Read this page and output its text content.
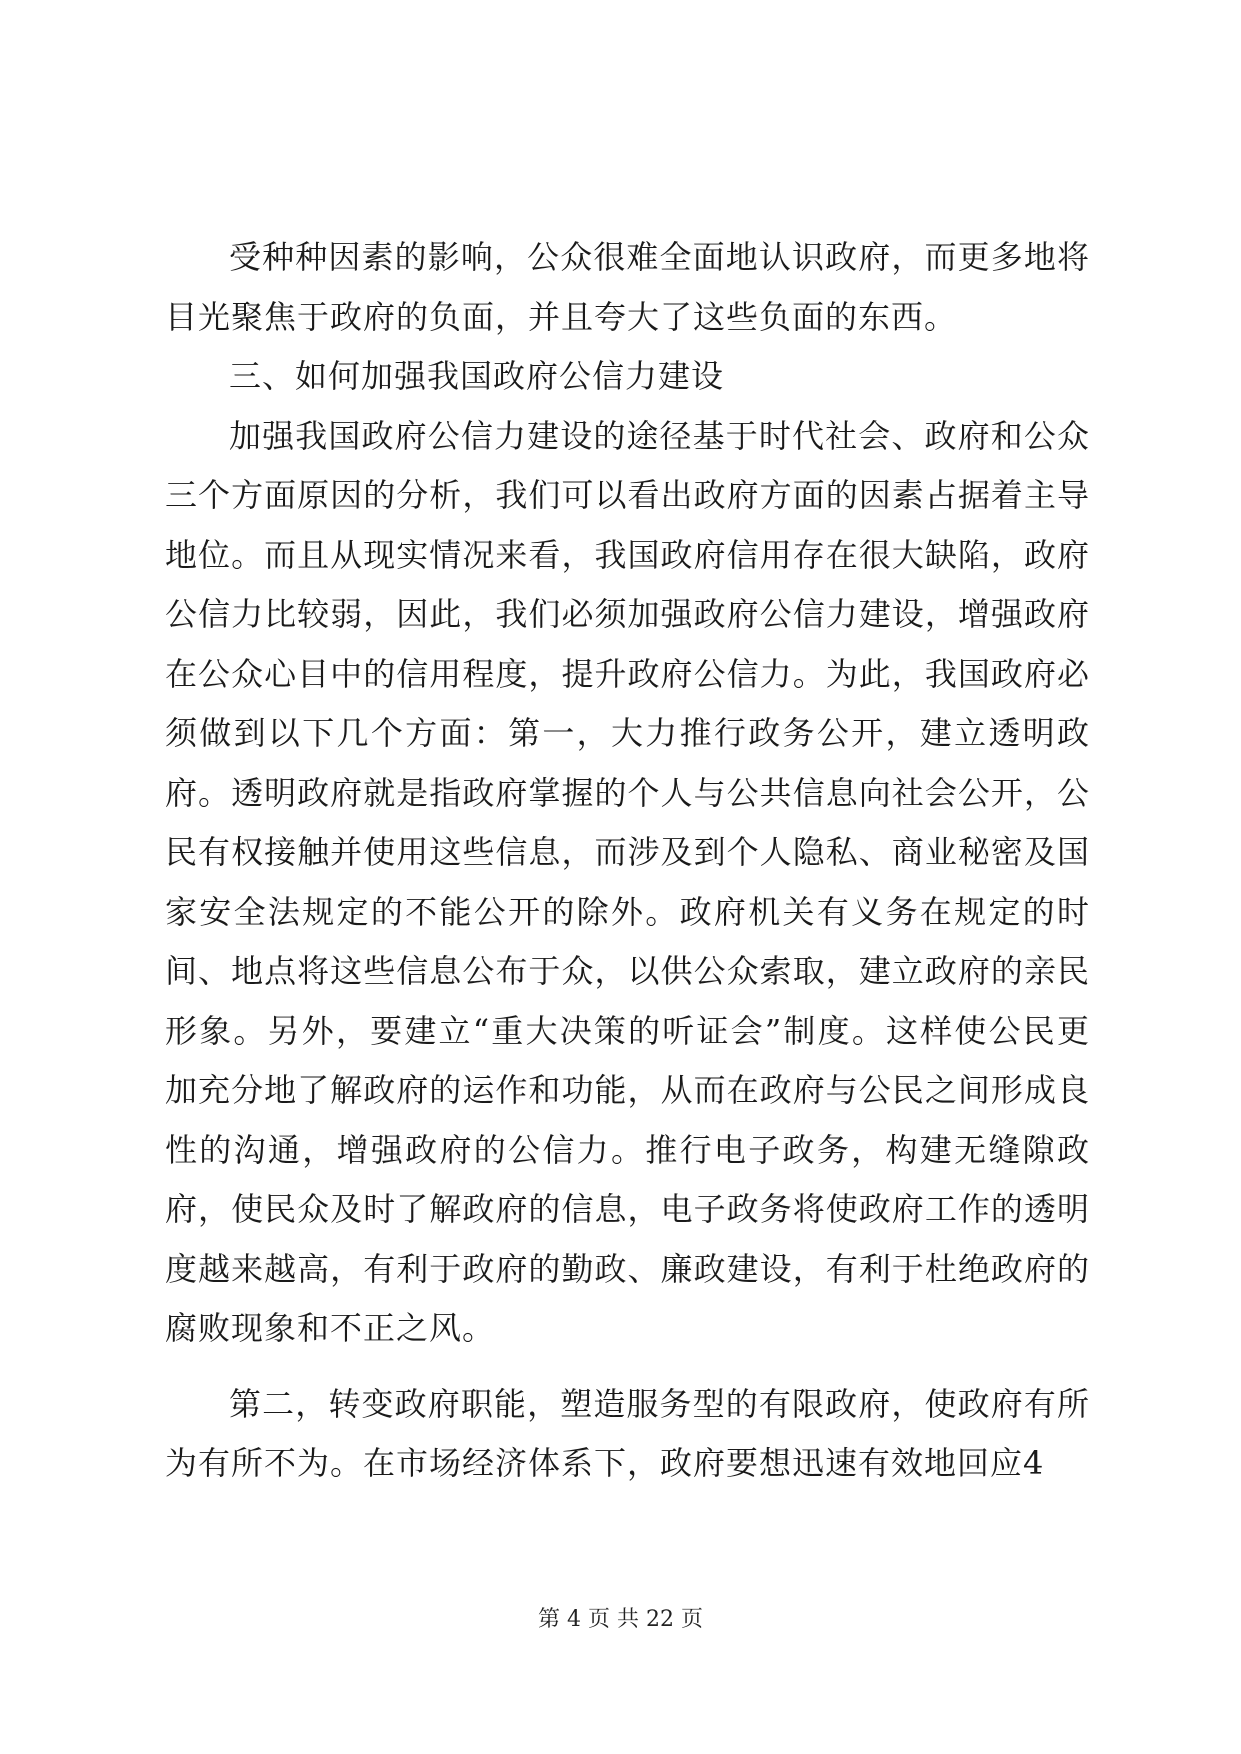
受种种因素的影响，公众很难全面地认识政府，而更多地将目光聚焦于政府的负面，并且夸大了这些负面的东西。

三、如何加强我国政府公信力建设

加强我国政府公信力建设的途径基于时代社会、政府和公众三个方面原因的分析，我们可以看出政府方面的因素占据着主导地位。而且从现实情况来看，我国政府信用存在很大缺陷，政府公信力比较弱，因此，我们必须加强政府公信力建设，增强政府在公众心目中的信用程度，提升政府公信力。为此，我国政府必须做到以下几个方面：第一，大力推行政务公开，建立透明政府。透明政府就是指政府掌握的个人与公共信息向社会公开，公民有权接触并使用这些信息，而涉及到个人隐私、商业秘密及国家安全法规定的不能公开的除外。政府机关有义务在规定的时间、地点将这些信息公布于众，以供公众索取，建立政府的亲民形象。另外，要建立“重大决策的听证会”制度。这样使公民更加充分地了解政府的运作和功能，从而在政府与公民之间形成良性的沟通，增强政府的公信力。推行电子政务，构建无缝隙政府，使民众及时了解政府的信息，电子政务将使政府工作的透明度越来越高，有利于政府的勤政、廉政建设，有利于杜绝政府的腐败现象和不正之风。

第二，转变政府职能，塑造服务型的有限政府，使政府有所为有所不为。在市场经济体系下，政府要想迅速有效地回应4

第 4 页 共 22 页
